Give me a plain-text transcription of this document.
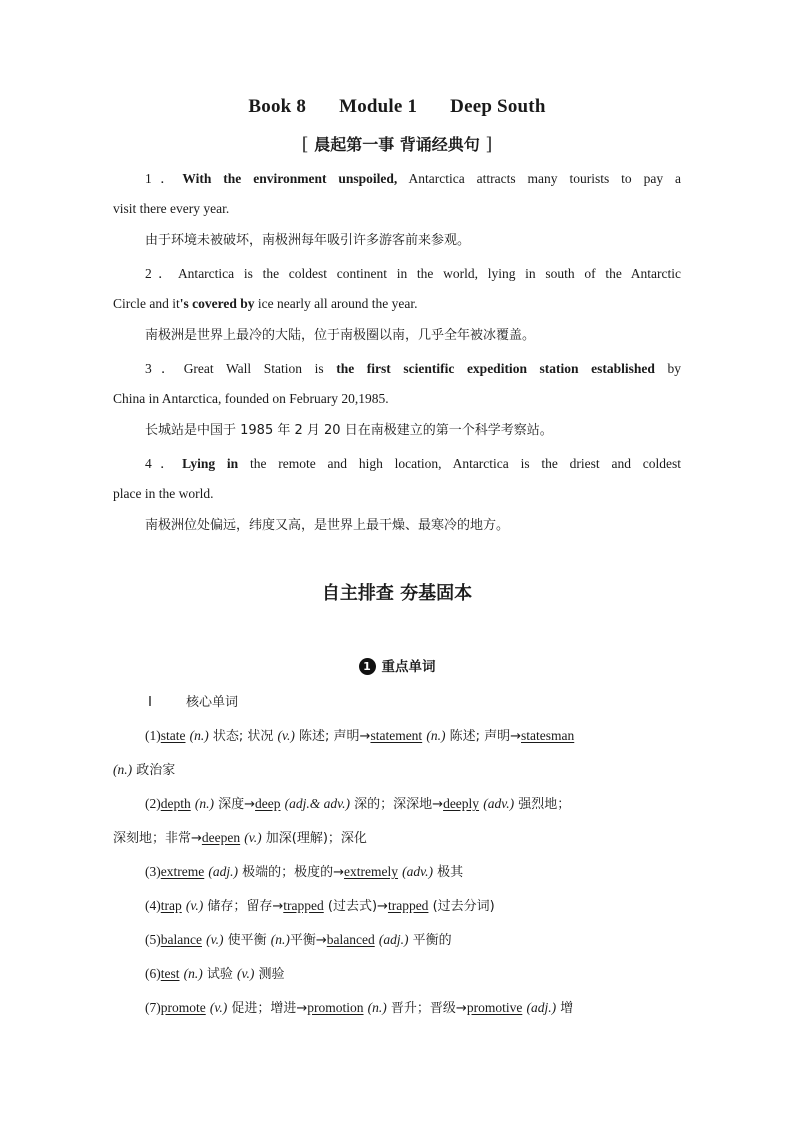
Book 8 Module 1 Deep South
[ 晨起第一事 背诵经典句 ]
1．With the environment unspoiled, Antarctica attracts many tourists to pay a
visit there every year.
由于环境未被破坏，南极洲每年吸引许多游客前来参观。
2．Antarctica is the coldest continent in the world, lying in south of the Antarctic
Circle and it's covered by ice nearly all around the year.
南极洲是世界上最冷的大陆，位于南极圈以南，几乎全年被冰覆盖。
3．Great Wall Station is the first scientific expedition station established by
China in Antarctica, founded on February 20,1985.
长城站是中国于 1985 年 2 月 20 日在南极建立的第一个科学考察站。
4．Lying in the remote and high location, Antarctica is the driest and coldest
place in the world.
南极洲位处偏远，纬度又高，是世界上最干燥、最寒冷的地方。
自主排查 夯基固本
1 重点单词
Ⅰ	核心单词
(1)state (n.) 状态; 状况 (v.) 陈述; 声明→statement (n.) 陈述; 声明→statesman
(n.) 政治家
(2)depth (n.) 深度→deep (adj.& adv.) 深的；深深地→deeply (adv.) 强烈地；
深刻地；非常→deepen (v.) 加深(理解)；深化
(3)extreme (adj.) 极端的；极度的→extremely (adv.) 极其
(4)trap (v.) 储存；留存→trapped (过去式)→trapped (过去分词)
(5)balance (v.) 使平衡 (n.)平衡→balanced (adj.) 平衡的
(6)test (n.) 试验 (v.) 测验
(7)promote (v.) 促进；增进→promotion (n.) 晋升；晋级→promotive (adj.) 增
